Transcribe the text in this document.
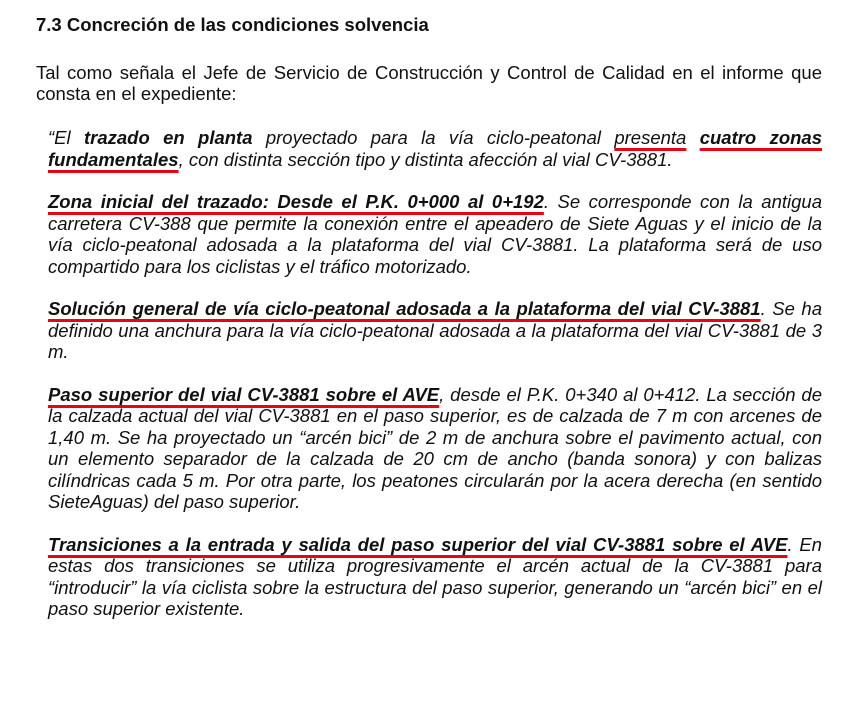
7.3 Concreción de las condiciones solvencia
Tal como señala el Jefe de Servicio de Construcción y Control de Calidad en el informe que consta en el expediente:

“El trazado en planta proyectado para la vía ciclo-peatonal presenta cuatro zonas fundamentales, con distinta sección tipo y distinta afección al vial CV-3881.

Zona inicial del trazado: Desde el P.K. 0+000 al 0+192. Se corresponde con la antigua carretera CV-388 que permite la conexión entre el apeadero de Siete Aguas y el inicio de la vía ciclo-peatonal adosada a la plataforma del vial CV-3881. La plataforma será de uso compartido para los ciclistas y el tráfico motorizado.

Solución general de vía ciclo-peatonal adosada a la plataforma del vial CV-3881. Se ha definido una anchura para la vía ciclo-peatonal adosada a la plataforma del vial CV-3881 de 3 m.

Paso superior del vial CV-3881 sobre el AVE, desde el P.K. 0+340 al 0+412. La sección de la calzada actual del vial CV-3881 en el paso superior, es de calzada de 7 m con arcenes de 1,40 m. Se ha proyectado un “arcén bici” de 2 m de anchura sobre el pavimento actual, con un elemento separador de la calzada de 20 cm de ancho (banda sonora) y con balizas cilíndricas cada 5 m. Por otra parte, los peatones circularán por la acera derecha (en sentido SieteAguas) del paso superior.

Transiciones a la entrada y salida del paso superior del vial CV-3881 sobre el AVE. En estas dos transiciones se utiliza progresivamente el arcén actual de la CV-3881 para “introducir” la vía ciclista sobre la estructura del paso superior, generando un “arcén bici” en el paso superior existente.
